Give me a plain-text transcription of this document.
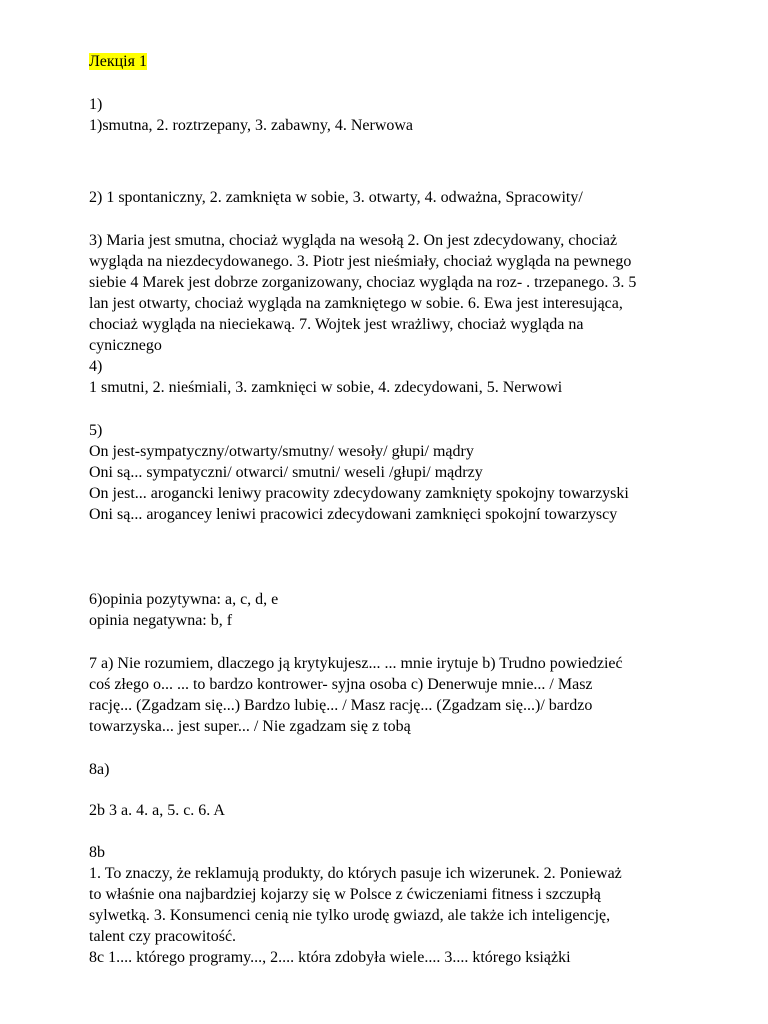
Лекція 1
1)
1)smutna, 2. roztrzepany, 3. zabawny, 4. Nerwowa
2) 1 spontaniczny, 2. zamknięta w sobie, 3. otwarty, 4. odważna, Spracowity/
3) Maria jest smutna, chociaż wygląda na wesołą 2. On jest zdecydowany, chociaż
wygląda na niezdecydowanego. 3. Piotr jest nieśmiały, chociaż wygląda na pewnego
siebie 4 Marek jest dobrze zorganizowany, chociaz wygląda na roz- . trzepanego. 3. 5
lan jest otwarty, chociaż wygląda na zamkniętego w sobie. 6. Ewa jest interesująca,
chociaż wygląda na nieciekawą. 7. Wojtek jest wrażliwy, chociaż wygląda na
cynicznego
4)
1 smutni, 2. nieśmiali, 3. zamknięci w sobie, 4. zdecydowani, 5. Nerwowi
5)
On jest-sympatyczny/otwarty/smutny/ wesoły/ głupi/ mądry
Oni są... sympatyczni/ otwarci/ smutni/ weseli /głupi/ mądrzy
On jest... arogancki leniwy pracowity zdecydowany zamknięty spokojny towarzyski
Oni są... arogancey leniwi pracowici zdecydowani zamknięci spokojní towarzyscy
6)opinia pozytywna: a, c, d, e
opinia negatywna: b, f
7 a) Nie rozumiem, dlaczego ją krytykujesz... ... mnie irytuje b) Trudno powiedzieć
coś złego o... ... to bardzo kontrower- syjna osoba c) Denerwuje mnie... / Masz
rację... (Zgadzam się...) Bardzo lubię... / Masz rację... (Zgadzam się...)/ bardzo
towarzyska... jest super... / Nie zgadzam się z tobą
8a)
2b 3 a. 4. a, 5. c. 6. A
8b
1. To znaczy, że reklamują produkty, do których pasuje ich wizerunek. 2. Ponieważ
to właśnie ona najbardziej kojarzy się w Polsce z ćwiczeniami fitness i szczupłą
sylwetką. 3. Konsumenci cenią nie tylko urodę gwiazd, ale także ich inteligencję,
talent czy pracowitość.
8c 1.... którego programy..., 2.... która zdobyła wiele.... 3.... którego książki
